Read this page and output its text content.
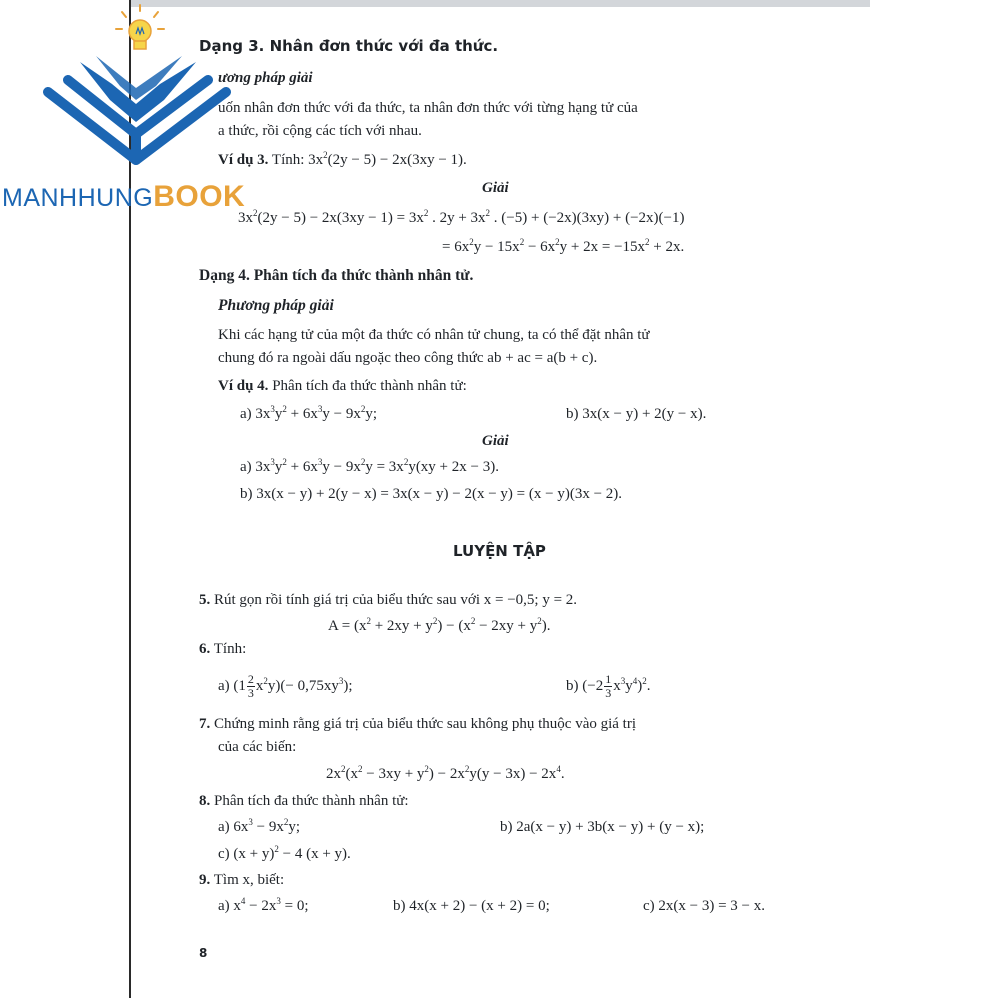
MANHHUNGBOOK
Dạng 3. Nhân đơn thức với đa thức.
ương pháp giải
uốn nhân đơn thức với đa thức, ta nhân đơn thức với từng hạng tử của
a thức, rồi cộng các tích với nhau.
Ví dụ 3. Tính: $3x^2(2y - 5) - 2x(3xy - 1)$.
Giải
$3x^2(2y - 5) - 2x(3xy - 1) = 3x^2$ . $2y + 3x^2$ . (−5) + (−2x)(3xy) + (−2x)(−1)
= $6x^2y - 15x^2 - 6x^2y + 2x = -15x^2 + 2x$.
Dạng 4. Phân tích đa thức thành nhân tử.
Phương pháp giải
Khi các hạng tử của một đa thức có nhân tử chung, ta có thể đặt nhân tử
chung đó ra ngoài dấu ngoặc theo công thức ab + ac = a(b + c).
Ví dụ 4. Phân tích đa thức thành nhân tử:
a) $3x^3y^2 + 6x^3y - 9x^2y$;	b) 3x(x − y) + 2(y − x).
Giải
a) $3x^3y^2 + 6x^3y - 9x^2y = 3x^2y(xy + 2x - 3)$.
b) 3x(x − y) + 2(y − x) = 3x(x − y) − 2(x − y) = (x − y)(3x − 2).
LUYỆN TẬP
5. Rút gọn rồi tính giá trị của biểu thức sau với x = −0,5; y = 2.
$A = (x^2 + 2xy + y^2) - (x^2 - 2xy + y^2)$.
6. Tính:
a) $(1 \frac{2}{3} x^2y)(- 0,75xy^3)$;	b) $(-2 \frac{1}{3} x^3y^4)^2$.
7. Chứng minh rằng giá trị của biểu thức sau không phụ thuộc vào giá trị
của các biến:
$2x^2(x^2 - 3xy + y^2) - 2x^2y(y - 3x) - 2x^4$.
8. Phân tích đa thức thành nhân tử:
a) $6x^3 - 9x^2y$;	b) 2a(x − y) + 3b(x − y) + (y − x);
c) $(x + y)^2 - 4$ (x + y).
9. Tìm x, biết:
a) $x^4 - 2x^3 = 0$;	b) 4x(x + 2) − (x + 2) = 0;	c) 2x(x − 3) = 3 − x.
8
